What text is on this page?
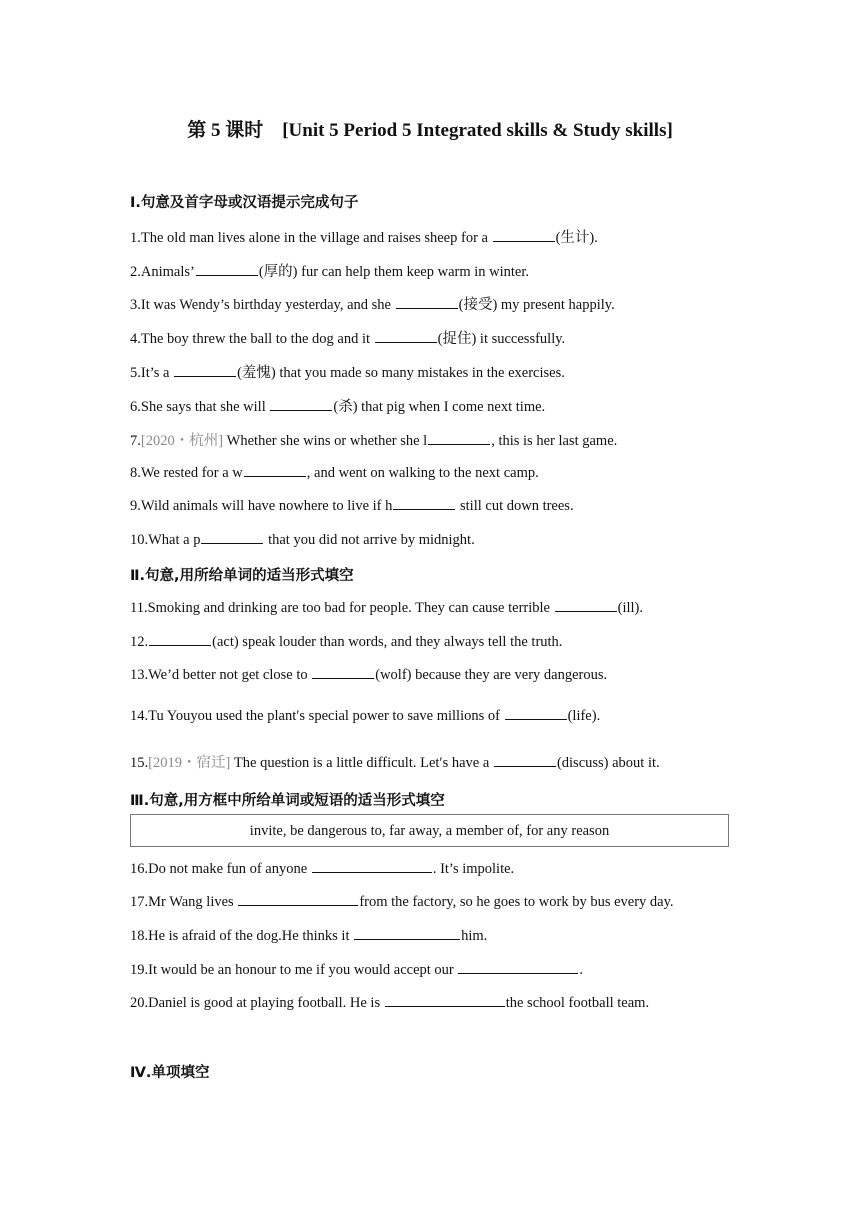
第 5 课时    [Unit 5 Period 5 Integrated skills & Study skills]
Ⅰ.句意及首字母或汉语提示完成句子
1.The old man lives alone in the village and raises sheep for a	(生计).
2.Animals’	(厚的) fur can help them keep warm in winter.
3.It was Wendy’s birthday yesterday, and she	(接受) my present happily.
4.The boy threw the ball to the dog and it	(捉住) it successfully.
5.It’s a	(羞愧) that you made so many mistakes in the exercises.
6.She says that she will	(杀) that pig when I come next time.
7.[2020・杭州] Whether she wins or whether she l	, this is her last game.
8.We rested for a w	, and went on walking to the next camp.
9.Wild animals will have nowhere to live if h	still cut down trees.
10.What a p	that you did not arrive by midnight.
Ⅱ.句意,用所给单词的适当形式填空
11.Smoking and drinking are too bad for people. They can cause terrible	(ill).
12.	(act) speak louder than words, and they always tell the truth.
13.We’d better not get close to	(wolf) because they are very dangerous.
14.Tu Youyou used the plant′s special power to save millions of	(life).
15.[2019・宿迁] The question is a little difficult. Let′s have a	(discuss) about it.
Ⅲ.句意,用方框中所给单词或短语的适当形式填空
invite, be dangerous to, far away, a member of, for any reason
16.Do not make fun of anyone	. It’s impolite.
17.Mr Wang lives	from the factory, so he goes to work by bus every day.
18.He is afraid of the dog.He thinks it	him.
19.It would be an honour to me if you would accept our	.
20.Daniel is good at playing football. He is	the school football team.
Ⅳ.单项填空
